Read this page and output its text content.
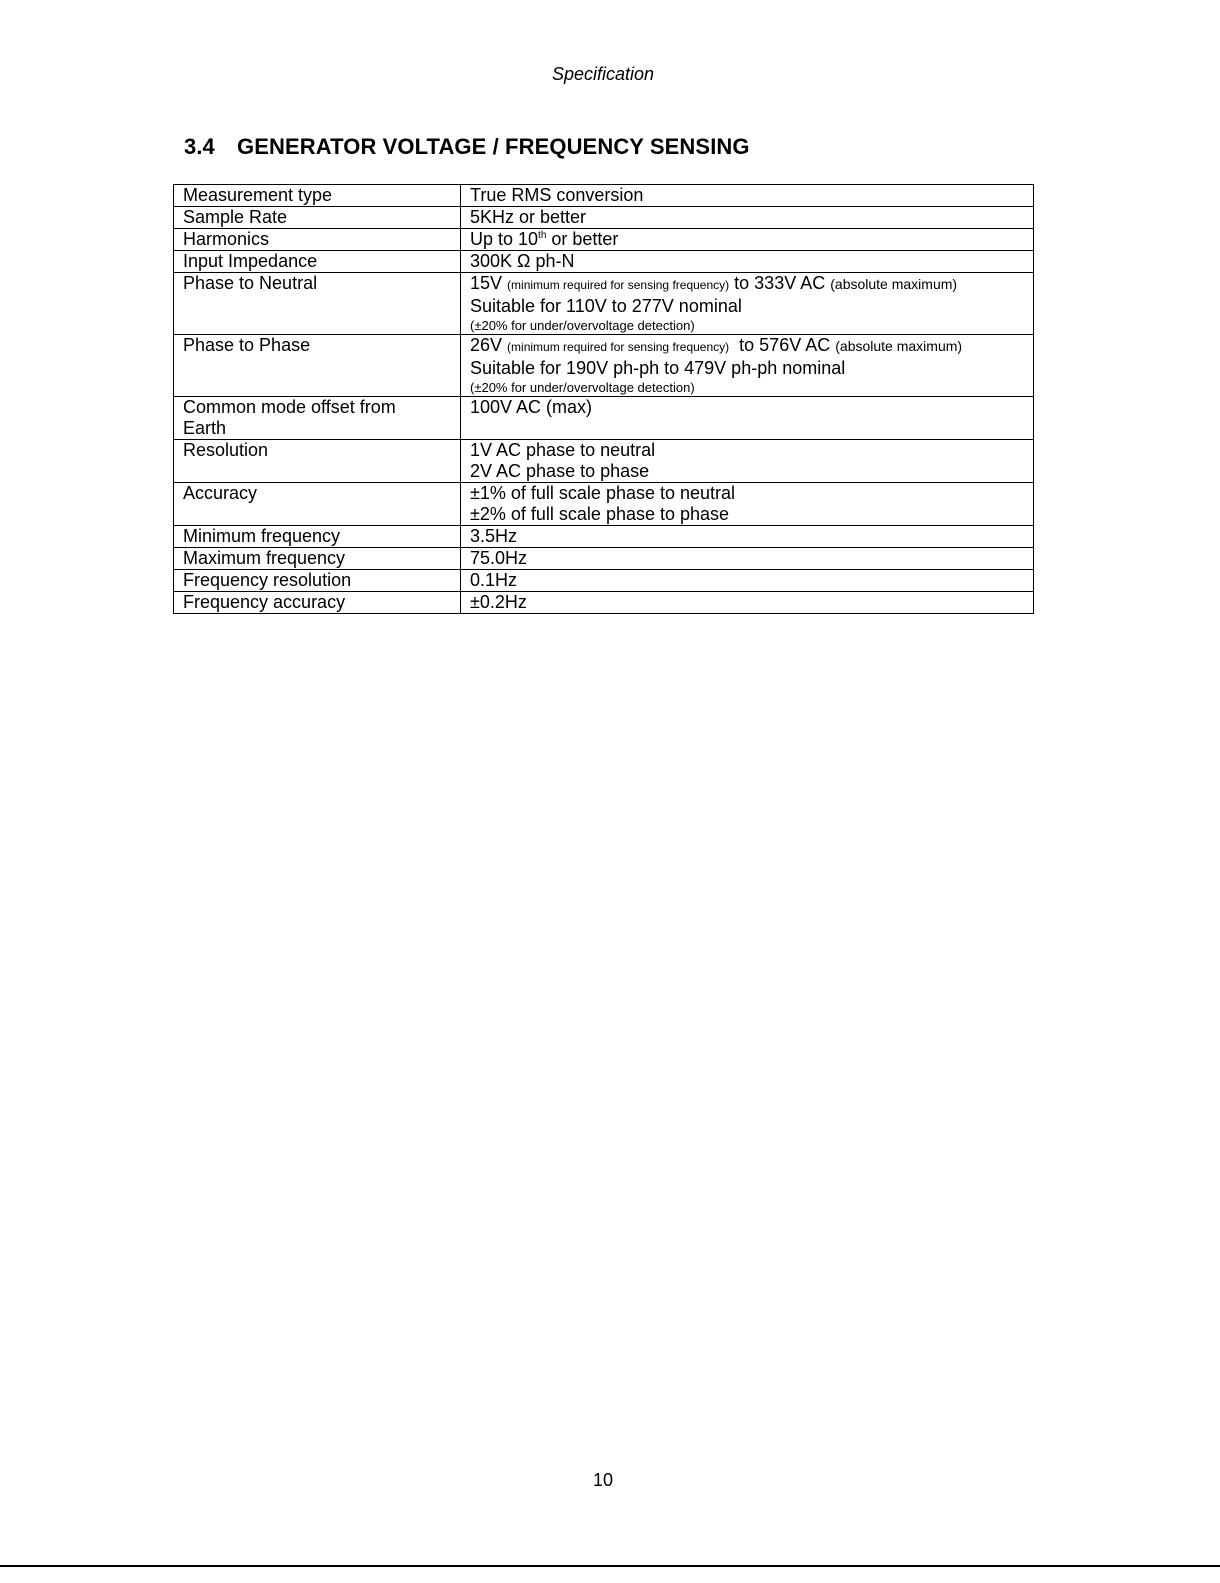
Specification
3.4 GENERATOR VOLTAGE / FREQUENCY SENSING
Measurement type	True RMS conversion
Sample Rate	5KHz or better
Harmonics	Up to 10th or better
Input Impedance	300K Ω ph-N
Phase to Neutral	15V (minimum required for sensing frequency) to 333V AC (absolute maximum)
Suitable for 110V to 277V nominal
(±20% for under/overvoltage detection)

Phase to Phase	26V (minimum required for sensing frequency) to 576V AC (absolute maximum)
Suitable for 190V ph-ph to 479V ph-ph nominal
(±20% for under/overvoltage detection)

Common mode offset from
Earth	100V AC (max)
Resolution	1V AC phase to neutral
2V AC phase to phase

Accuracy	±1% of full scale phase to neutral
±2% of full scale phase to phase

Minimum frequency	3.5Hz
Maximum frequency	75.0Hz
Frequency resolution	0.1Hz
Frequency accuracy	±0.2Hz
10
